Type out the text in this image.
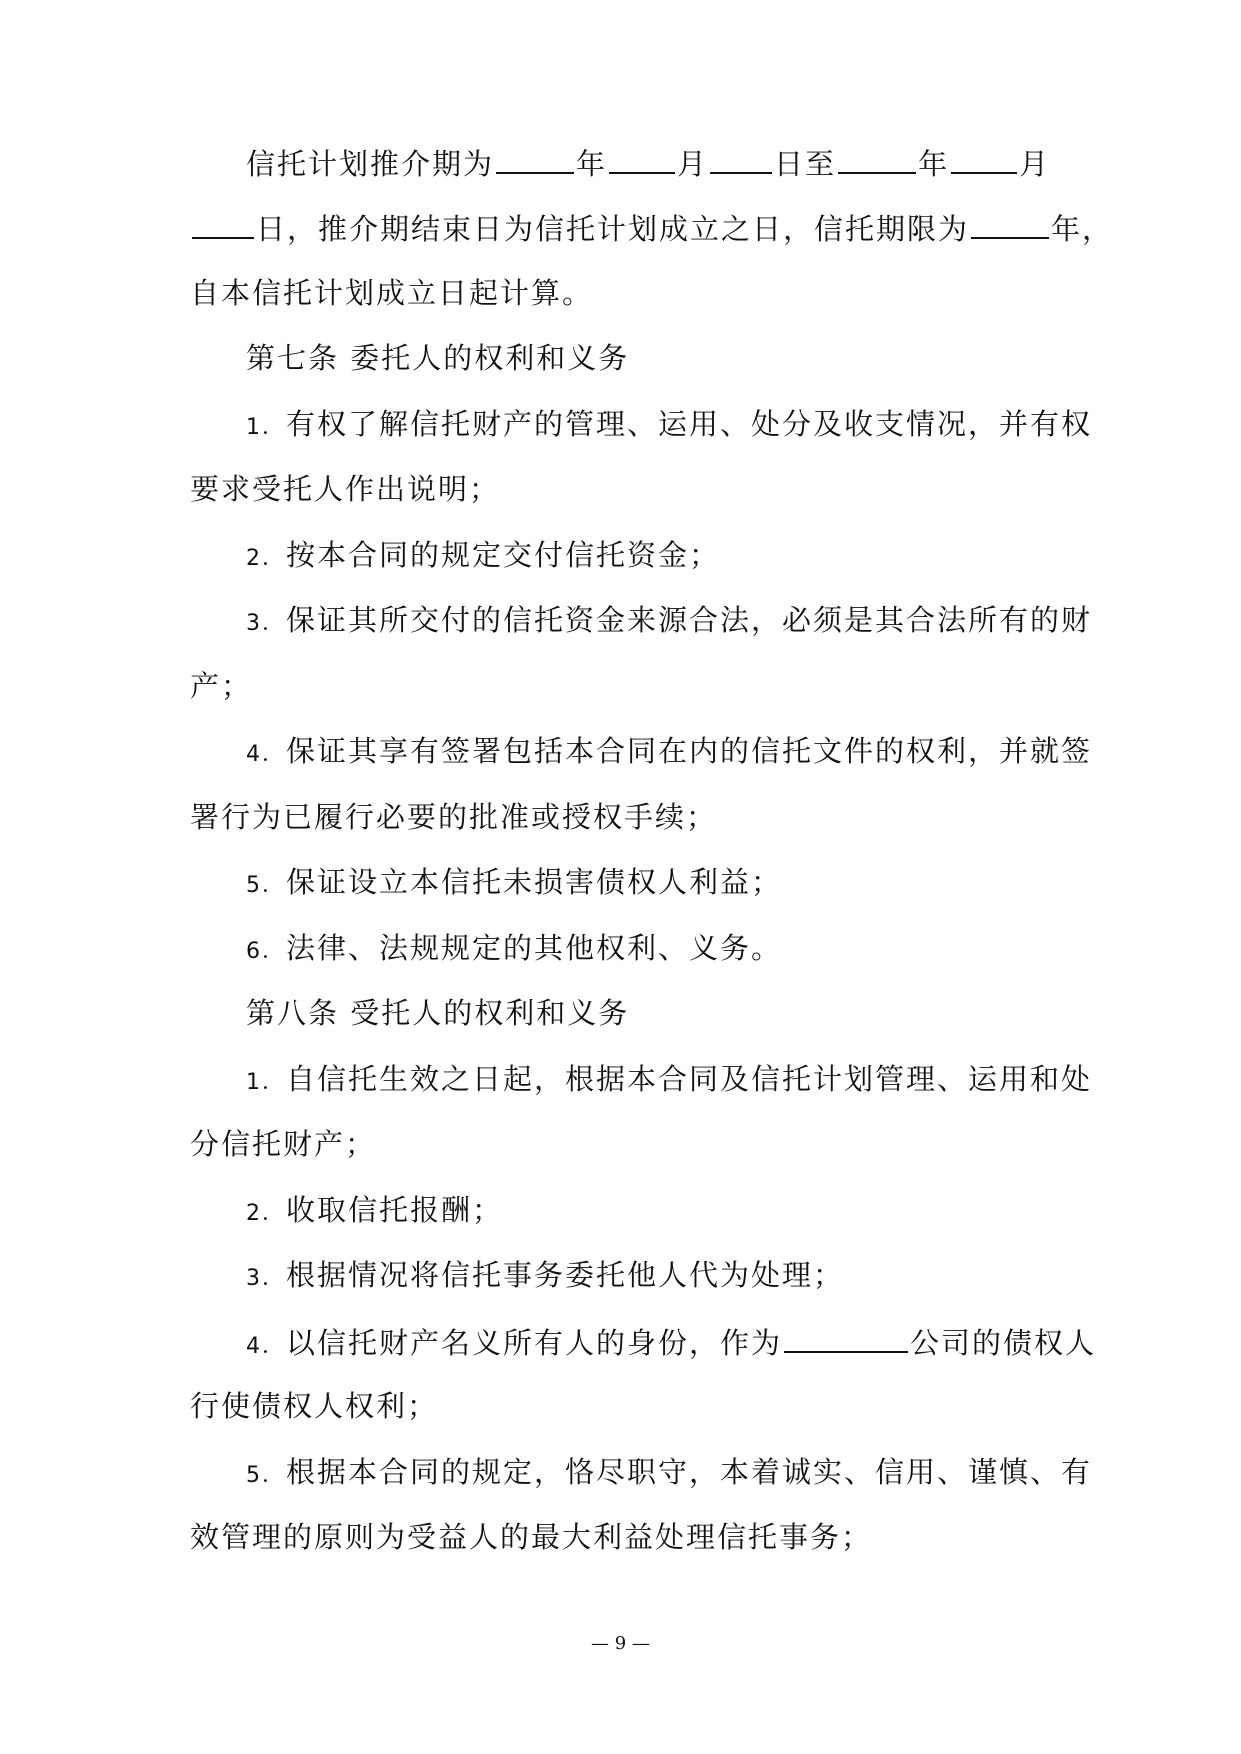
信托计划推介期为	年 月 日至	年 月
日，推介期结束日为信托计划成立之日，信托期限为	年，
自本信托计划成立日起计算。
第七条 委托人的权利和义务
1．有权了解信托财产的管理、运用、处分及收支情况，并有权
要求受托人作出说明；
2．按本合同的规定交付信托资金；
3．保证其所交付的信托资金来源合法，必须是其合法所有的财
产；
4．保证其享有签署包括本合同在内的信托文件的权利，并就签
署行为已履行必要的批准或授权手续；
5．保证设立本信托未损害债权人利益；
6．法律、法规规定的其他权利、义务。
第八条 受托人的权利和义务
1．自信托生效之日起，根据本合同及信托计划管理、运用和处
分信托财产；
2．收取信托报酬；
3．根据情况将信托事务委托他人代为处理；
4．以信托财产名义所有人的身份，作为	公司的债权人
行使债权人权利；
5．根据本合同的规定，恪尽职守，本着诚实、信用、谨慎、有
效管理的原则为受益人的最大利益处理信托事务；
— 9 —
